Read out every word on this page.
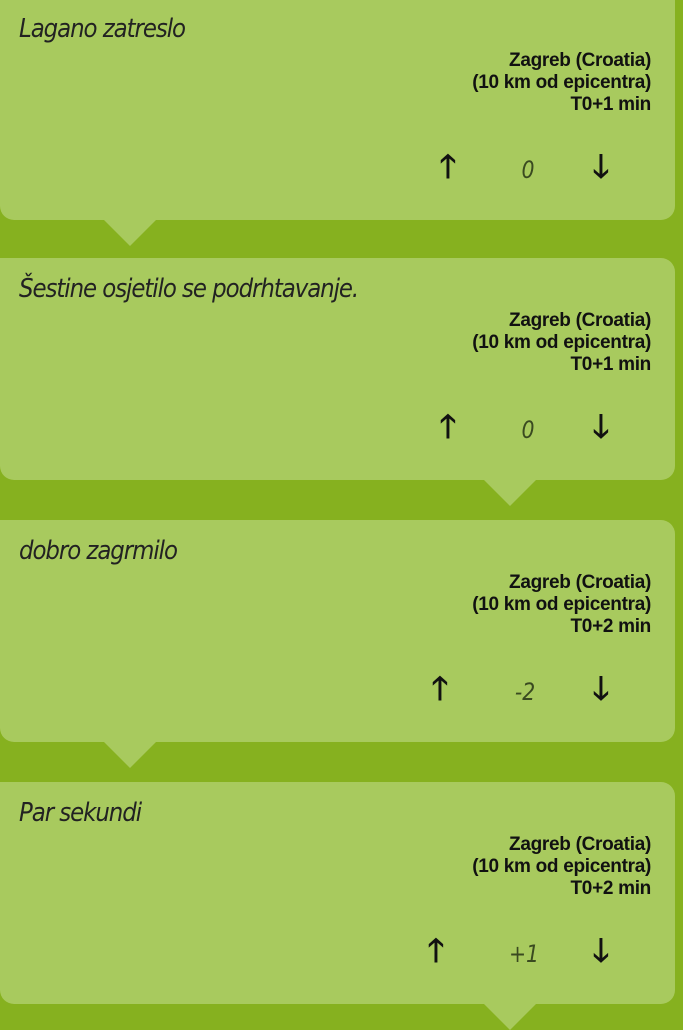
Lagano zatreslo
Zagreb (Croatia)
(10 km od epicentra)
T0+1 min
🡑	0	🡓
Šestine osjetilo se podrhtavanje.
Zagreb (Croatia)
(10 km od epicentra)
T0+1 min
🡑	0	🡓
dobro zagrmilo
Zagreb (Croatia)
(10 km od epicentra)
T0+2 min
🡑	-2	🡓
Par sekundi
Zagreb (Croatia)
(10 km od epicentra)
T0+2 min
🡑	+1	🡓
